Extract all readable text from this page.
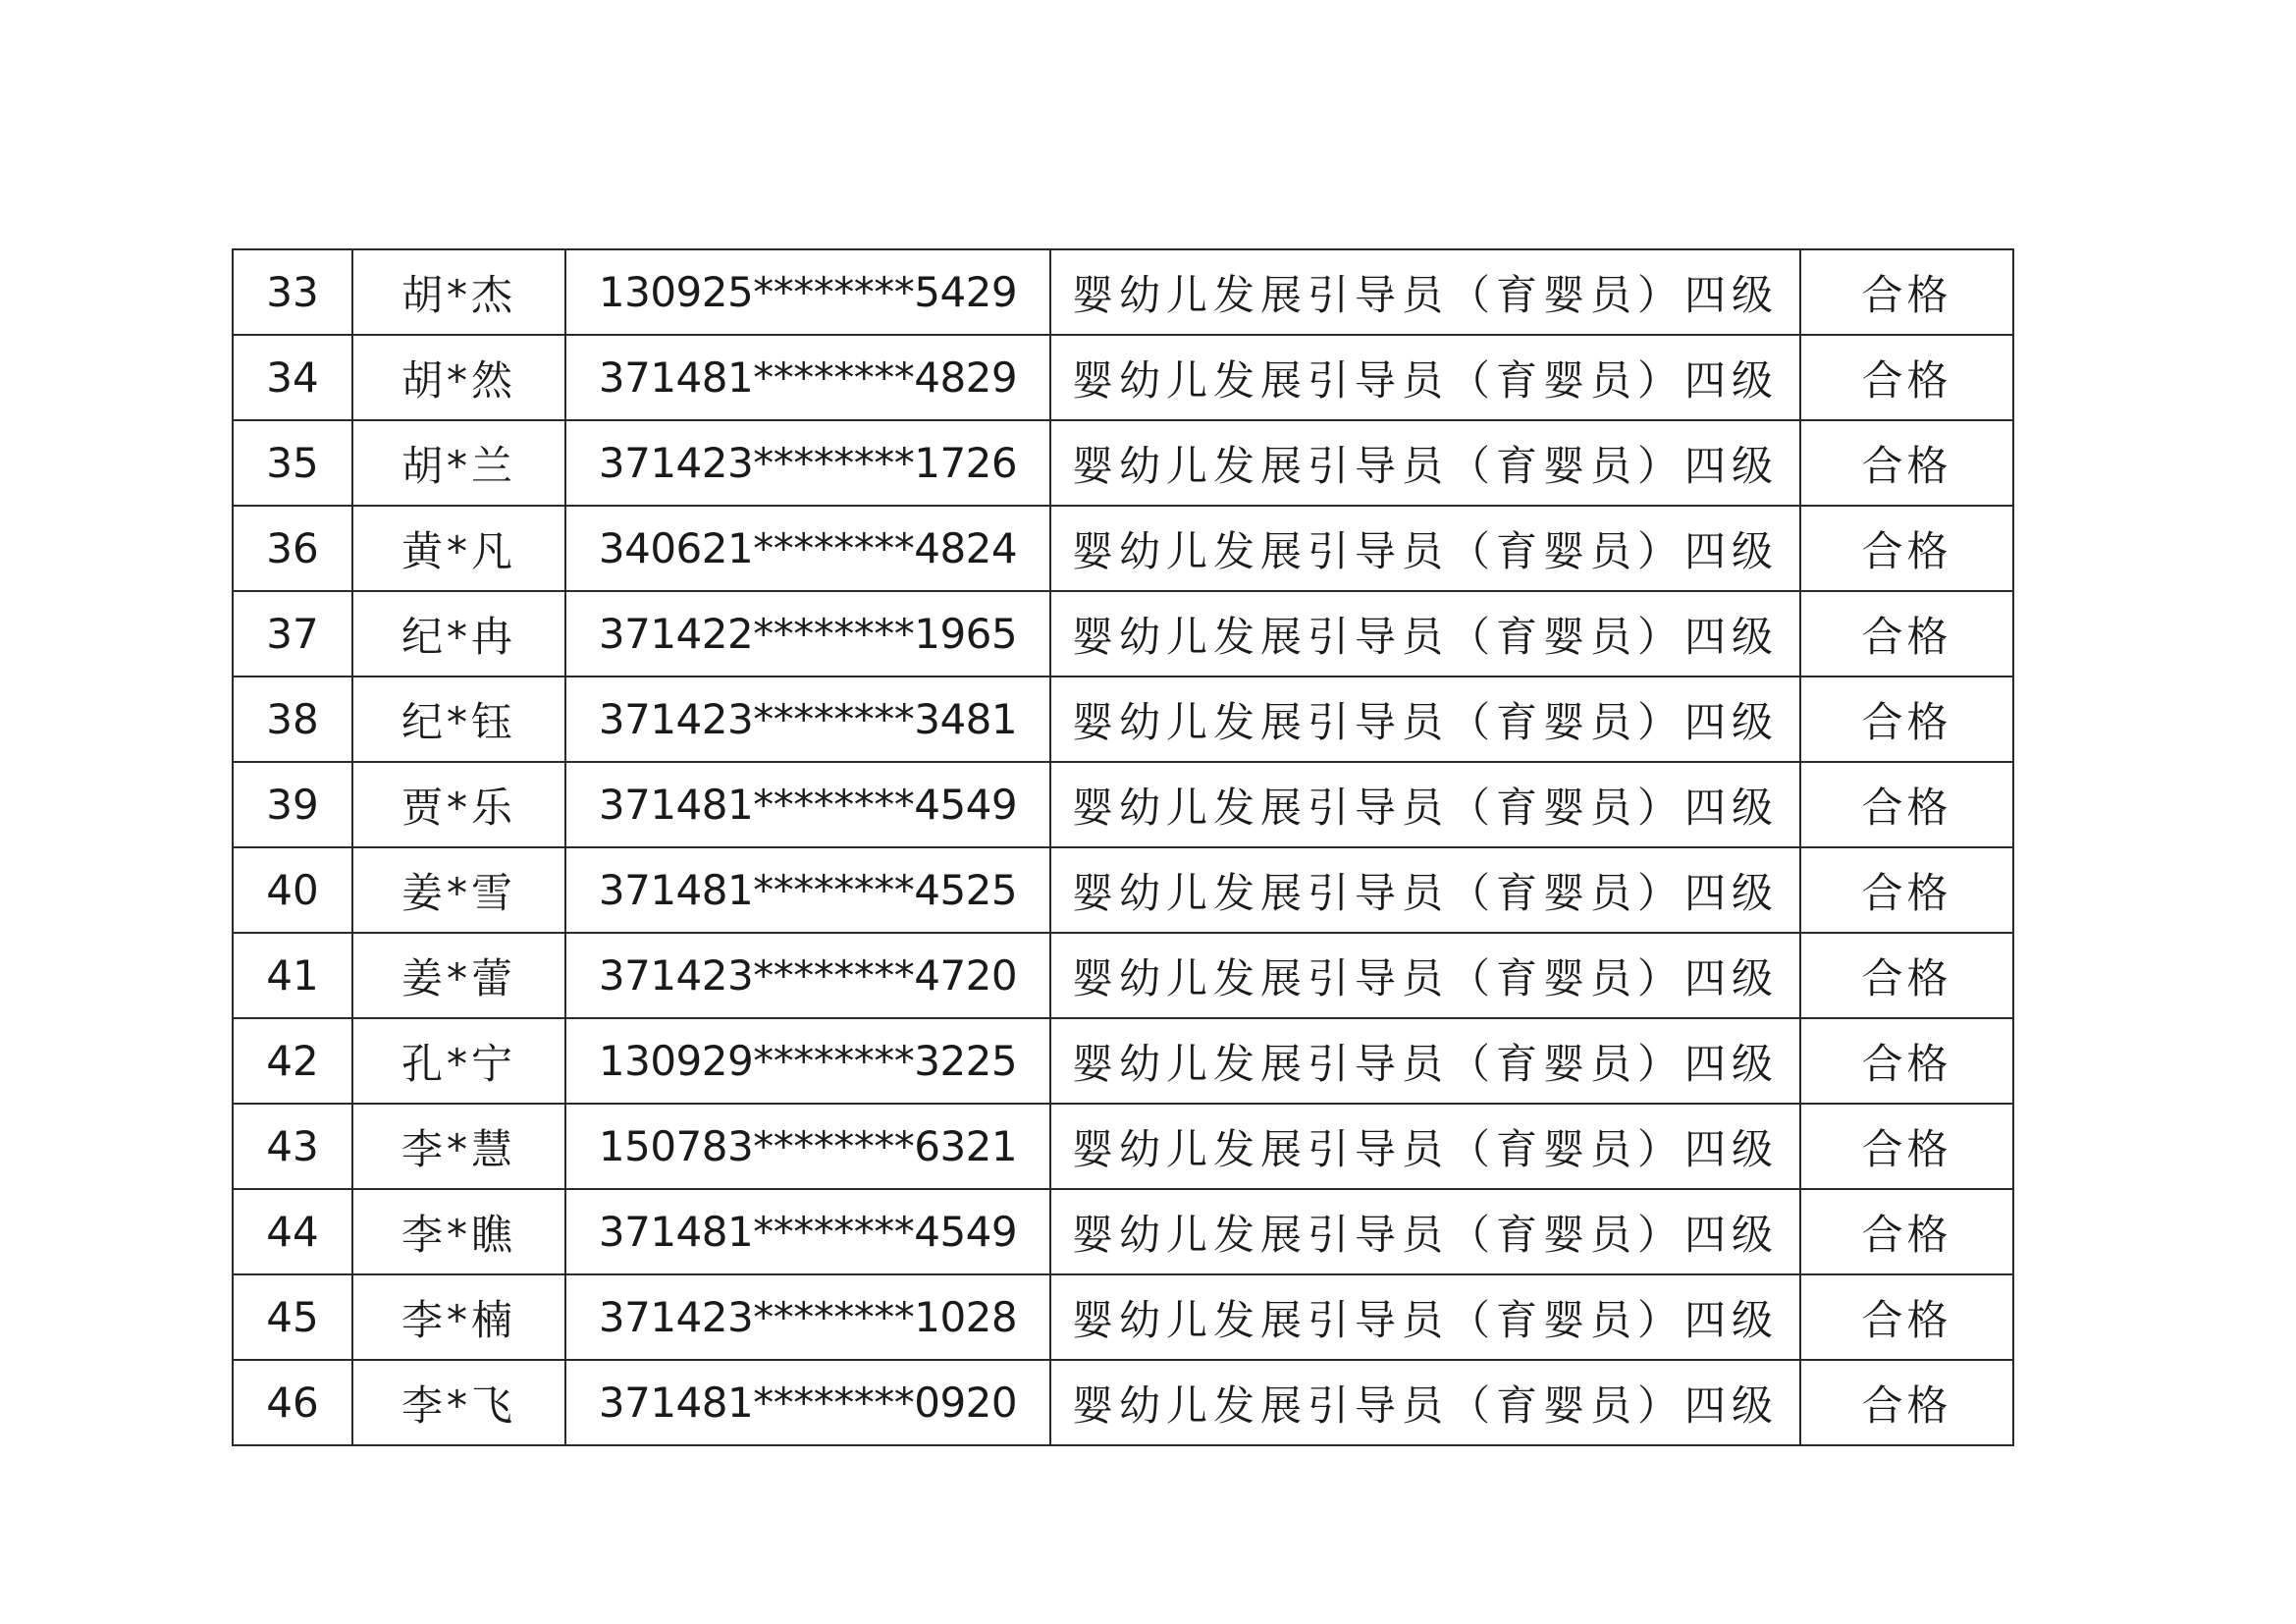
33	胡*杰	130925********5429	婴幼儿发展引导员（育婴员）四级	合格
34	胡*然	371481********4829	婴幼儿发展引导员（育婴员）四级	合格
35	胡*兰	371423********1726	婴幼儿发展引导员（育婴员）四级	合格
36	黄*凡	340621********4824	婴幼儿发展引导员（育婴员）四级	合格
37	纪*冉	371422********1965	婴幼儿发展引导员（育婴员）四级	合格
38	纪*钰	371423********3481	婴幼儿发展引导员（育婴员）四级	合格
39	贾*乐	371481********4549	婴幼儿发展引导员（育婴员）四级	合格
40	姜*雪	371481********4525	婴幼儿发展引导员（育婴员）四级	合格
41	姜*蕾	371423********4720	婴幼儿发展引导员（育婴员）四级	合格
42	孔*宁	130929********3225	婴幼儿发展引导员（育婴员）四级	合格
43	李*慧	150783********6321	婴幼儿发展引导员（育婴员）四级	合格
44	李*瞧	371481********4549	婴幼儿发展引导员（育婴员）四级	合格
45	李*楠	371423********1028	婴幼儿发展引导员（育婴员）四级	合格
46	李*飞	371481********0920	婴幼儿发展引导员（育婴员）四级	合格
